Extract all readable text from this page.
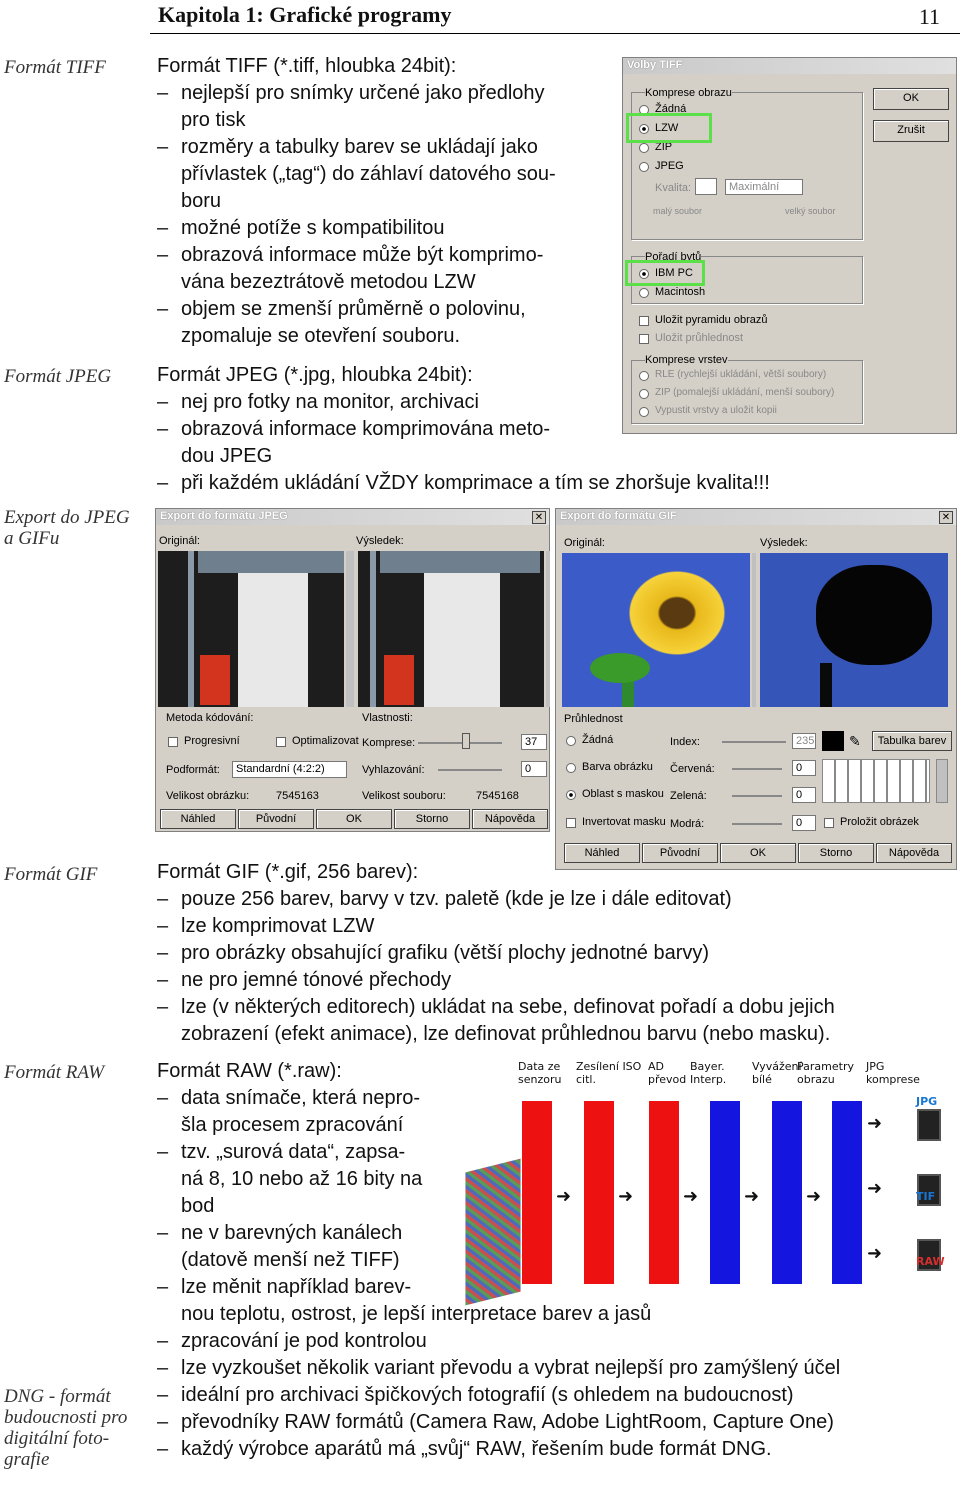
Kapitola 1: Grafické programy	11
Formát TIFF
Formát JPEG
Export do JPEG
a GIFu
Formát GIF
Formát RAW
DNG - formát
budoucnosti pro
digitální foto-
grafie
Formát TIFF (*.tiff, hloubka 24bit):
– nejlepší pro snímky určené jako předlohy
pro tisk
– rozměry a tabulky barev se ukládají jako
přívlastek („tag“) do záhlaví datového sou-
boru
– možné potíže s kompatibilitou
– obrazová informace může být komprimo-
vána bezeztrátově metodou LZW
– objem se zmenší průměrně o polovinu,
zpomaluje se otevření souboru.
Formát JPEG (*.jpg, hloubka 24bit):
– nej pro fotky na monitor, archivaci
– obrazová informace komprimována meto-
dou JPEG
– při každém ukládání VŽDY komprimace a tím se zhoršuje kvalita!!!
Formát GIF (*.gif, 256 barev):
– pouze 256 barev, barvy v tzv. paletě (kde je lze i dále editovat)
– lze komprimovat LZW
– pro obrázky obsahující grafiku (větší plochy jednotné barvy)
– ne pro jemné tónové přechody
– lze (v některých editorech) ukládat na sebe, definovat pořadí a dobu jejich
zobrazení (efekt animace), lze definovat průhlednou barvu (nebo masku).
Formát RAW (*.raw):
– data snímače, která nepro-
šla procesem zpracování
– tzv. „surová data“, zapsa-
ná 8, 10 nebo až 16 bity na
bod
– ne v barevných kanálech
(datově menší než TIFF)
– lze měnit například barev-
nou teplotu, ostrost, je lepší interpretace barev a jasů
– zpracování je pod kontrolou
– lze vyzkoušet několik variant převodu a vybrat nejlepší pro zamýšlený účel
– ideální pro archivaci špičkových fotografií (s ohledem na budoucnost)
– převodníky RAW formátů (Camera Raw, Adobe LightRoom, Capture One)
– každý výrobce aparátů má „svůj“ RAW, řešením bude formát DNG.
Volby TIFF
Komprese obrazu
Žádná
LZW
ZIP
JPEG
Kvalita:	Maximální
malý soubor	velký soubor
Pořadí bytů
IBM PC
Macintosh
Uložit pyramidu obrazů
Uložit průhlednost
Komprese vrstev
RLE (rychlejší ukládání, větší soubory)
ZIP (pomalejší ukládání, menší soubory)
Vypustit vrstvy a uložit kopii
OK
Zrušit
Export do formátu JPEG	✕
Originál:	Výsledek:
Metoda kódování:
Progresivní	Optimalizovat
Vlastnosti:
Komprese:	37
Podformát:	Standardní (4:2:2)	Vyhlazování:	0
Velikost obrázku: 7545163	Velikost souboru:	7545168
Náhled	Původní	OK	Storno	Nápověda
Export do formátu GIF	✕
Originál:	Výsledek:
Průhlednost
Žádná
Barva obrázku
Oblast s maskou
Invertovat masku
Index:	235 ✎	Tabulka barev
Červená:	0
Zelená:	0
Modrá:	0	Proložit obrázek
Náhled	Původní	OK	Storno	Nápověda
Data ze
senzoru
Zesílení ISO
citl.
AD
převod
Bayer.
Interp.
Vyvážení
bílé
Parametry
obrazu
JPG
komprese
➜	➜	➜	➜	➜
➜
JPG
➜	TIF
➜	RAW
